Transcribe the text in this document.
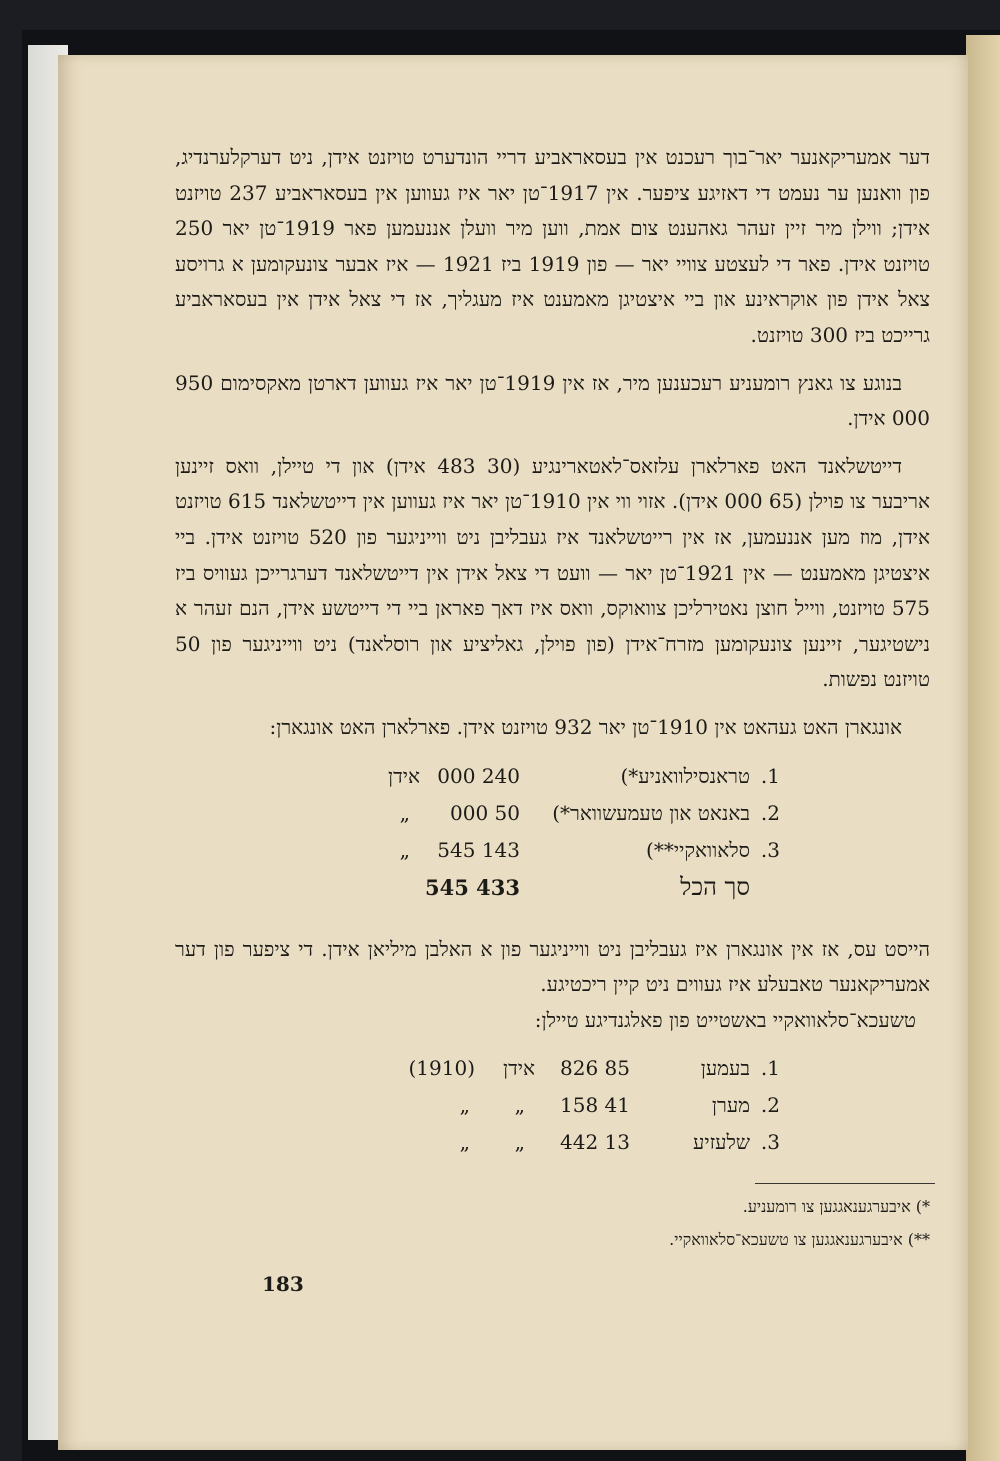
דער אמעריקאנער יאר־בוך רעכנט אין בעסאראביע דריי הונדערט טויזנט אידן, ניט דערקלערנדיג, פון וואנען ער נעמט די דאזיגע ציפער. אין 1917־טן יאר איז געווען אין בעסאראביע 237 טויזנט אידן; ווילן מיר זיין זעהר גאהענט צום אמת, ווען מיר וועלן אננעמען פאר 1919־טן יאר 250 טויזנט אידן. פאר די לעצטע צוויי יאר — פון 1919 ביז 1921 — איז אבער צונעקומען א גרויסע צאל אידן פון אוקראינע און ביי איצטיגן מאמענט איז מעגליך, אז די צאל אידן אין בעסאראביע גרייכט ביז 300 טויזנט.

בנוגע צו גאנץ רומעניע רעכענען מיר, אז אין 1919־טן יאר איז געווען דארטן מאקסימום 950 000 אידן.

דייטשלאנד האט פארלארן עלזאס־לאטארינגיע (30 483 אידן) און די טיילן, וואס זיינען אריבער צו פוילן (65 000 אידן). אזוי ווי אין 1910־טן יאר איז געווען אין דייטשלאנד 615 טויזנט אידן, מוז מען אננעמען, אז אין רייטשלאנד איז געבליבן ניט ווייניגער פון 520 טויזנט אידן. ביי איצטיגן מאמענט — אין 1921־טן יאר — וועט די צאל אידן אין דייטשלאנד דערגרייכן געוויס ביז 575 טויזנט, ווייל חוצן נאטירליכן צוואוקס, וואס איז דאך פאראן ביי די דייטשע אידן, הנם זעהר א נישטיגער, זיינען צונעקומען מזרח־אידן (פון פוילן, גאליציע און רוסלאנד) ניט ווייניגער פון 50 טויזנט נפשות.

אונגארן האט געהאט אין 1910־טן יאר 932 טויזנט אידן. פארלארן האט אונגארן:

1.
טראנסילוואניע*)
240 000
אידן
2.
באנאט און טעמעשוואר*)
50 000
„
3.
סלאוואקיי**)
143 545
„
סך הכל
433 545

הייסט עס, אז אין אונגארן איז געבליבן ניט ווייניגער פון א האלבן מיליאן אידן. די ציפער פון דער אמעריקאנער טאבעלע איז געווים ניט קיין ריכטיגע.

טשעכא־סלאוואקיי באשטייט פון פאלגנדיגע טיילן:

1.
בעמען
85 826
אידן
(1910)
2.
מערן
41 158
„
„
3.
שלעזיע
13 442
„
„
*) איבערגענאגגען צו רומעניע.
**) איבערגענאגגען צו טשעכא־סלאוואקיי.
183
